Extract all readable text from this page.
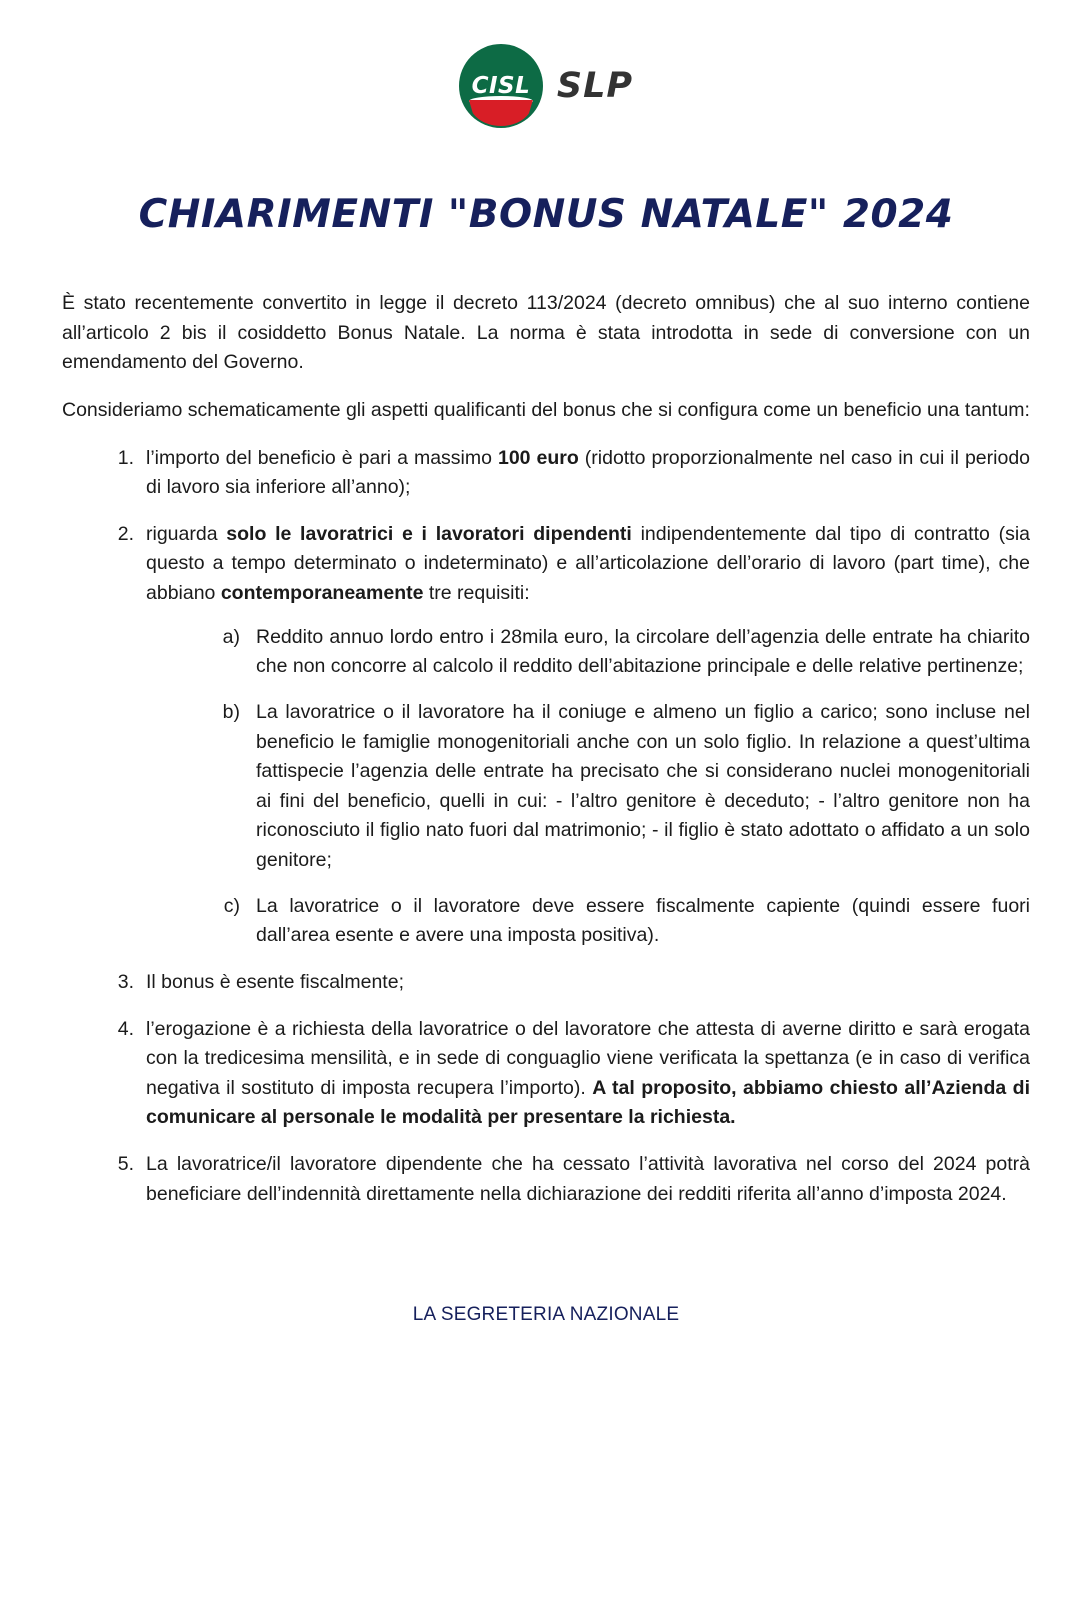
CISL SLP
CHIARIMENTI "BONUS NATALE" 2024

È stato recentemente convertito in legge il decreto 113/2024 (decreto omnibus) che al suo interno contiene all’articolo 2 bis il cosiddetto Bonus Natale. La norma è stata introdotta in sede di conversione con un emendamento del Governo.

Consideriamo schematicamente gli aspetti qualificanti del bonus che si configura come un beneficio una tantum:

l’importo del beneficio è pari a massimo 100 euro (ridotto proporzionalmente nel caso in cui il periodo di lavoro sia inferiore all’anno);
riguarda solo le lavoratrici e i lavoratori dipendenti indipendentemente dal tipo di contratto (sia questo a tempo determinato o indeterminato) e all’articolazione dell’orario di lavoro (part time), che abbiano contemporaneamente tre requisiti:
Reddito annuo lordo entro i 28mila euro, la circolare dell’agenzia delle entrate ha chiarito che non concorre al calcolo il reddito dell’abitazione principale e delle relative pertinenze;
La lavoratrice o il lavoratore ha il coniuge e almeno un figlio a carico; sono incluse nel beneficio le famiglie monogenitoriali anche con un solo figlio. In relazione a quest’ultima fattispecie l’agenzia delle entrate ha precisato che si considerano nuclei monogenitoriali ai fini del beneficio, quelli in cui: - l’altro genitore è deceduto; - l’altro genitore non ha riconosciuto il figlio nato fuori dal matrimonio; - il figlio è stato adottato o affidato a un solo genitore;
La lavoratrice o il lavoratore deve essere fiscalmente capiente (quindi essere fuori dall’area esente e avere una imposta positiva).
Il bonus è esente fiscalmente;
l’erogazione è a richiesta della lavoratrice o del lavoratore che attesta di averne diritto e sarà erogata con la tredicesima mensilità, e in sede di conguaglio viene verificata la spettanza (e in caso di verifica negativa il sostituto di imposta recupera l’importo). A tal proposito, abbiamo chiesto all’Azienda di comunicare al personale le modalità per presentare la richiesta.
La lavoratrice/il lavoratore dipendente che ha cessato l’attività lavorativa nel corso del 2024 potrà beneficiare dell’indennità direttamente nella dichiarazione dei redditi riferita all’anno d’imposta 2024.
LA SEGRETERIA NAZIONALE
